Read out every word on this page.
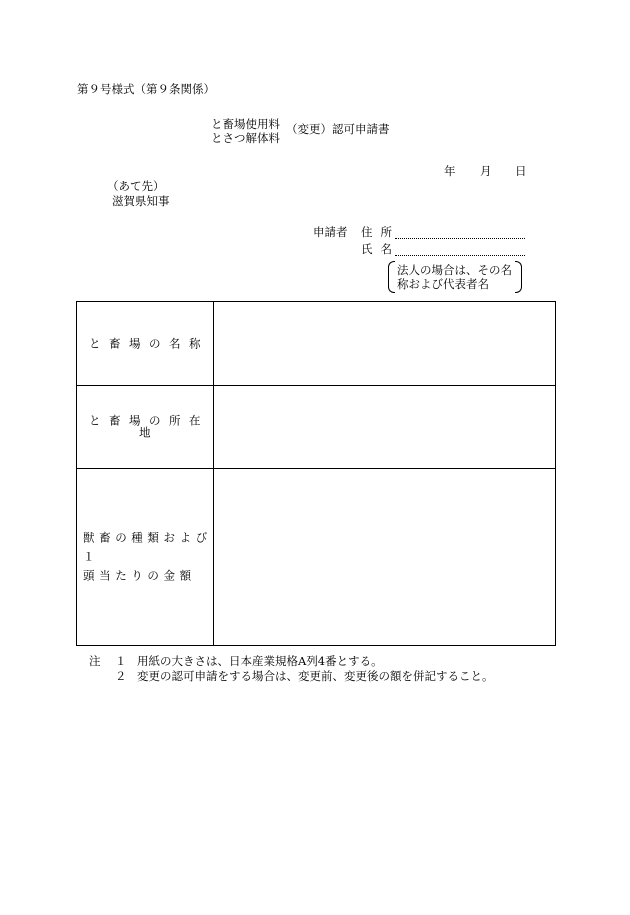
第９号様式（第９条関係）
と畜場使用料
とさつ解体料
（変更）認可申請書
年 月 日
（あて先）
滋賀県知事
申請者 住所
氏名
法人の場合は、その名
称および代表者名
と畜場の名称
と畜場の所在地
獣畜の種類および１
頭当たりの金額
注 １ 用紙の大きさは、日本産業規格A列4番とする。
２ 変更の認可申請をする場合は、変更前、変更後の額を併記すること。
